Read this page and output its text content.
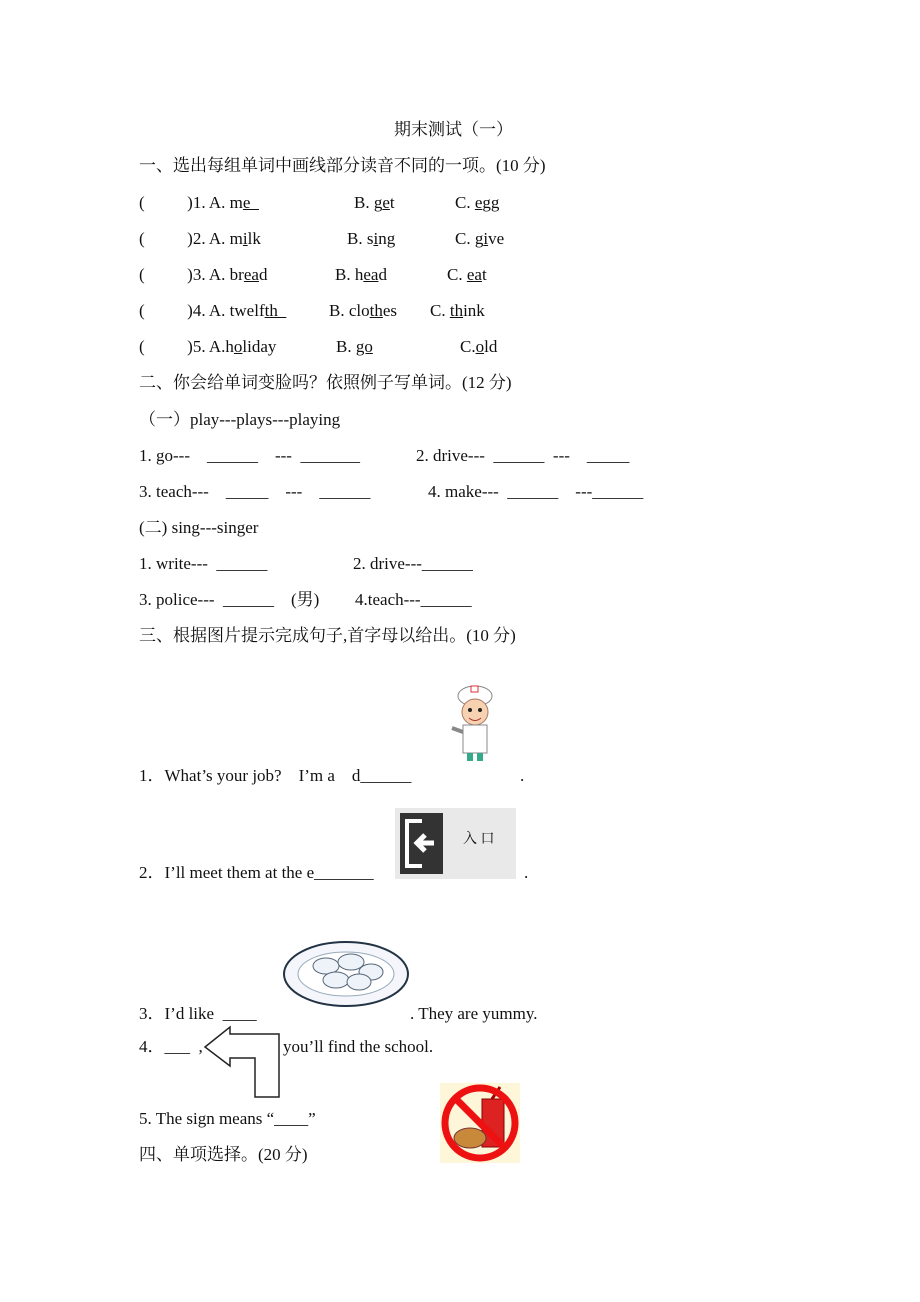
期末测试（一）
一、选出每组单词中画线部分读音不同的一项。(10 分)
(          )1. A. me	B. get	C. egg
(          )2. A. milk	B. sing	C. give
(          )3. A. bread	B. head	C. eat
(          )4. A. twelfth	B. clothes C. think
(          )5. A.holiday	B. go	C.old
二、你会给单词变脸吗？依照例子写单词。(12 分)
（一）play---plays---playing
1. go---    ______    ---  _______	2. drive---  ______  ---    _____
3. teach---    _____    ---    ______	4. make---  ______    ---______
(二) sing---singer
1. write---  ______	2. drive---______
3. police---  ______    (男) 4.teach---______
三、根据图片提示完成句子,首字母以给出。(10 分)
1．What’s your job?    I’m a    d______	.
入 口
2．I’ll meet them at the e_______	.
3．I’d like  ____	. They are yummy.
4．___  ,	you’ll find the school.
5. The sign means “____”
四、单项选择。(20 分)
